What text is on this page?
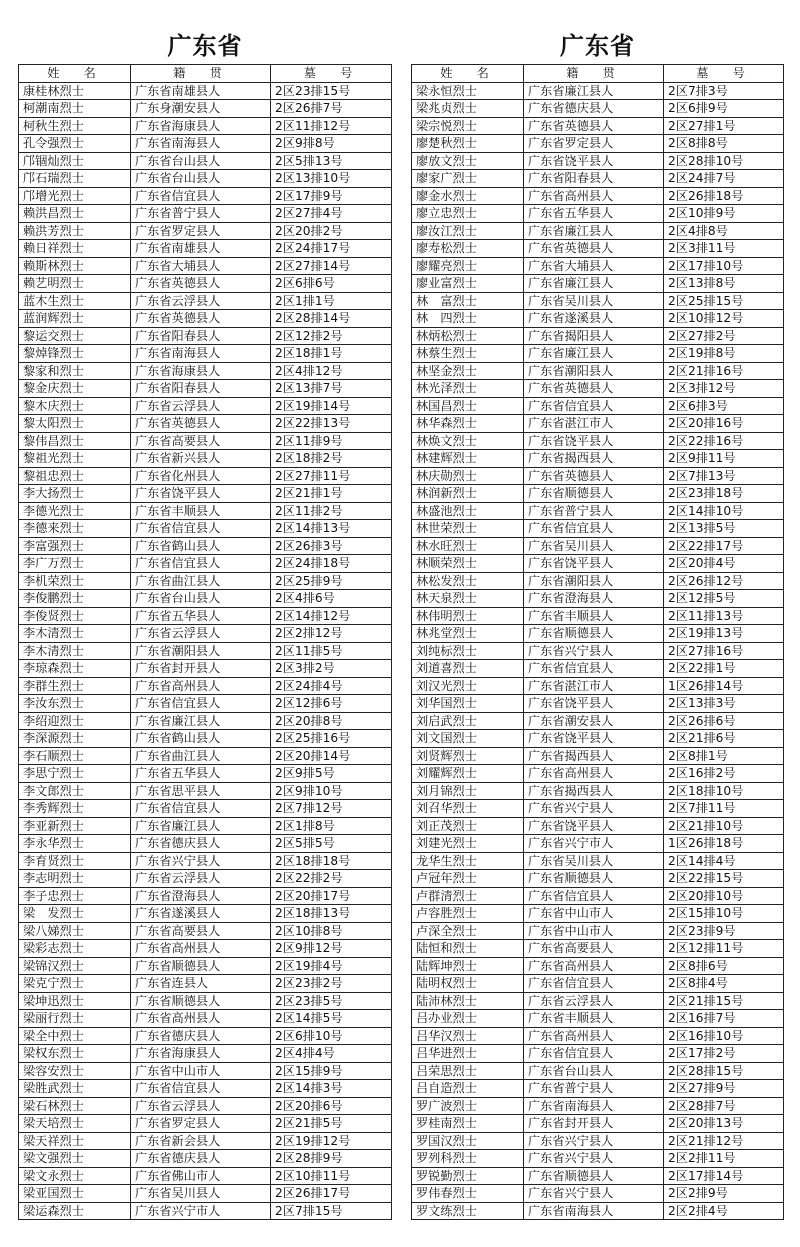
广东省
姓　名	籍　贯	墓　号
康桂林烈士	广东省南雄县人	2区23排15号
柯潮南烈士	广东身潮安县人	2区26排7号
柯秋生烈士	广东省海康县人	2区11排12号
孔令强烈士	广东省南海县人	2区9排8号
邝锢灿烈士	广东省台山县人	2区5排13号
邝石瑞烈士	广东省台山县人	2区13排10号
邝增光烈士	广东省信宜县人	2区17排9号
赖洪昌烈士	广东省普宁县人	2区27排4号
赖洪芳烈士	广东省罗定县人	2区20排2号
赖日祥烈士	广东省南雄县人	2区24排17号
赖斯林烈士	广东省大埔县人	2区27排14号
赖艺明烈士	广东省英德县人	2区6排6号
蓝木生烈士	广东省云浮县人	2区1排1号
蓝润辉烈士	广东省英德县人	2区28排14号
黎运交烈士	广东省阳春县人	2区12排2号
黎焯锋烈士	广东省南海县人	2区18排1号
黎家和烈士	广东省海康县人	2区4排12号
黎金庆烈士	广东省阳春县人	2区13排7号
黎木庆烈士	广东省云浮县人	2区19排14号
黎太阳烈士	广东省英德县人	2区22排13号
黎伟昌烈士	广东省高要县人	2区11排9号
黎祖光烈士	广东省新兴县人	2区18排2号
黎祖忠烈士	广东省化州县人	2区27排11号
李大扬烈士	广东省饶平县人	2区21排1号
李德光烈士	广东省丰顺县人	2区11排2号
李德来烈士	广东省信宜县人	2区14排13号
李富强烈士	广东省鹤山县人	2区26排3号
李广万烈士	广东省信宜县人	2区24排18号
李机荣烈士	广东省曲江县人	2区25排9号
李俊鹏烈士	广东省台山县人	2区4排6号
李俊贤烈士	广东省五华县人	2区14排12号
李木清烈士	广东省云浮县人	2区2排12号
李木清烈士	广东省潮阳县人	2区11排5号
李琼森烈士	广东省封开县人	2区3排2号
李群生烈士	广东省高州县人	2区24排4号
李汝东烈士	广东省信宜县人	2区12排6号
李绍迎烈士	广东省廉江县人	2区20排8号
李深源烈士	广东省鹤山县人	2区25排16号
李石顺烈士	广东省曲江县人	2区20排14号
李思宁烈士	广东省五华县人	2区9排5号
李文郎烈士	广东省思平县人	2区9排10号
李秀辉烈士	广东省信宜县人	2区7排12号
李亚新烈士	广东省廉江县人	2区1排8号
李永华烈士	广东省德庆县人	2区5排5号
李育贤烈士	广东省兴宁县人	2区18排18号
李志明烈士	广东省云浮县人	2区22排2号
李子忠烈士	广东省澄海县人	2区20排17号
梁　发烈士	广东省遂溪县人	2区18排13号
梁八娣烈士	广东省高要县人	2区10排8号
梁彩志烈士	广东省高州县人	2区9排12号
梁锦汉烈士	广东省顺德县人	2区19排4号
梁克宁烈士	广东省连县人	2区23排2号
梁坤迅烈士	广东省顺德县人	2区23排5号
梁丽行烈士	广东省高州县人	2区14排5号
梁全中烈士	广东省德庆县人	2区6排10号
梁权东烈士	广东省海康县人	2区4排4号
梁容安烈士	广东省中山市人	2区15排9号
梁胜武烈士	广东省信宜县人	2区14排3号
梁石林烈士	广东省云浮县人	2区20排6号
梁天培烈士	广东省罗定县人	2区21排5号
梁天祥烈士	广东省新会县人	2区19排12号
梁文强烈士	广东省德庆县人	2区28排9号
梁文永烈士	广东省佛山市人	2区10排11号
梁亚国烈士	广东省吴川县人	2区26排17号
梁运森烈士	广东省兴宁市人	2区7排15号
广东省
姓　名	籍　贯	墓　号
梁永恒烈士	广东省廉江县人	2区7排3号
梁兆贞烈士	广东省德庆县人	2区6排9号
梁宗悦烈士	广东省英德县人	2区27排1号
廖楚秋烈士	广东省罗定县人	2区8排8号
廖放文烈士	广东省饶平县人	2区28排10号
廖家广烈士	广东省阳春县人	2区24排7号
廖金水烈士	广东省高州县人	2区26排18号
廖立忠烈士	广东省五华县人	2区10排9号
廖汝江烈士	广东省廉江县人	2区4排8号
廖寿松烈士	广东省英德县人	2区3排11号
廖耀亮烈士	广东省大埔县人	2区17排10号
廖业富烈士	广东省廉江县人	2区13排8号
林　富烈士	广东省吴川县人	2区25排15号
林　四烈士	广东省遂溪县人	2区10排12号
林炳松烈士	广东省揭阳县人	2区27排2号
林蔡生烈士	广东省廉江县人	2区19排8号
林坚金烈士	广东省潮阳县人	2区21排16号
林光泽烈士	广东省英德县人	2区3排12号
林国昌烈士	广东省信宜县人	2区6排3号
林华森烈士	广东省湛江市人	2区20排16号
林焕文烈士	广东省饶平县人	2区22排16号
林建辉烈士	广东省揭西县人	2区9排11号
林庆勋烈士	广东省英德县人	2区7排13号
林润新烈士	广东省顺德县人	2区23排18号
林盛池烈士	广东省普宁县人	2区14排10号
林世荣烈士	广东省信宜县人	2区13排5号
林水旺烈士	广东省吴川县人	2区22排17号
林顺荣烈士	广东省饶平县人	2区20排4号
林松发烈士	广东省潮阳县人	2区26排12号
林天泉烈士	广东省澄海县人	2区12排5号
林伟明烈士	广东省丰顺县人	2区11排13号
林兆堂烈士	广东省顺德县人	2区19排13号
刘纯标烈士	广东省兴宁县人	2区27排16号
刘道喜烈士	广东省信宜县人	2区22排1号
刘汉光烈士	广东省湛江市人	1区26排14号
刘华国烈士	广东省饶平县人	2区13排3号
刘启武烈士	广东省潮安县人	2区26排6号
刘文国烈士	广东省饶平县人	2区21排6号
刘贤辉烈士	广东省揭西县人	2区8排1号
刘耀辉烈士	广东省高州县人	2区16排2号
刘月锦烈士	广东省揭西县人	2区18排10号
刘召华烈士	广东省兴宁县人	2区7排11号
刘正茂烈士	广东省饶平县人	2区21排10号
刘建光烈士	广东省兴宁市人	1区26排18号
龙华生烈士	广东省吴川县人	2区14排4号
卢冠年烈士	广东省顺德县人	2区22排15号
卢群清烈士	广东省信宜县人	2区20排10号
卢容胜烈士	广东省中山市人	2区15排10号
卢深全烈士	广东省中山市人	2区23排9号
陆恒和烈士	广东省高要县人	2区12排11号
陆辉坤烈士	广东省高州县人	2区8排6号
陆明权烈士	广东省信宜县人	2区8排4号
陆沛林烈士	广东省云浮县人	2区21排15号
吕办业烈士	广东省丰顺县人	2区16排7号
吕华汉烈士	广东省高州县人	2区16排10号
吕华进烈士	广东省信宜县人	2区17排2号
吕荣思烈士	广东省台山县人	2区28排15号
吕自造烈士	广东省普宁县人	2区27排9号
罗广波烈士	广东省南海县人	2区28排7号
罗桂南烈士	广东省封开县人	2区20排13号
罗国汉烈士	广东省兴宁县人	2区21排12号
罗列科烈士	广东省兴宁县人	2区2排11号
罗锐勤烈士	广东省顺德县人	2区17排14号
罗伟春烈士	广东省兴宁县人	2区2排9号
罗文练烈士	广东省南海县人	2区2排4号
